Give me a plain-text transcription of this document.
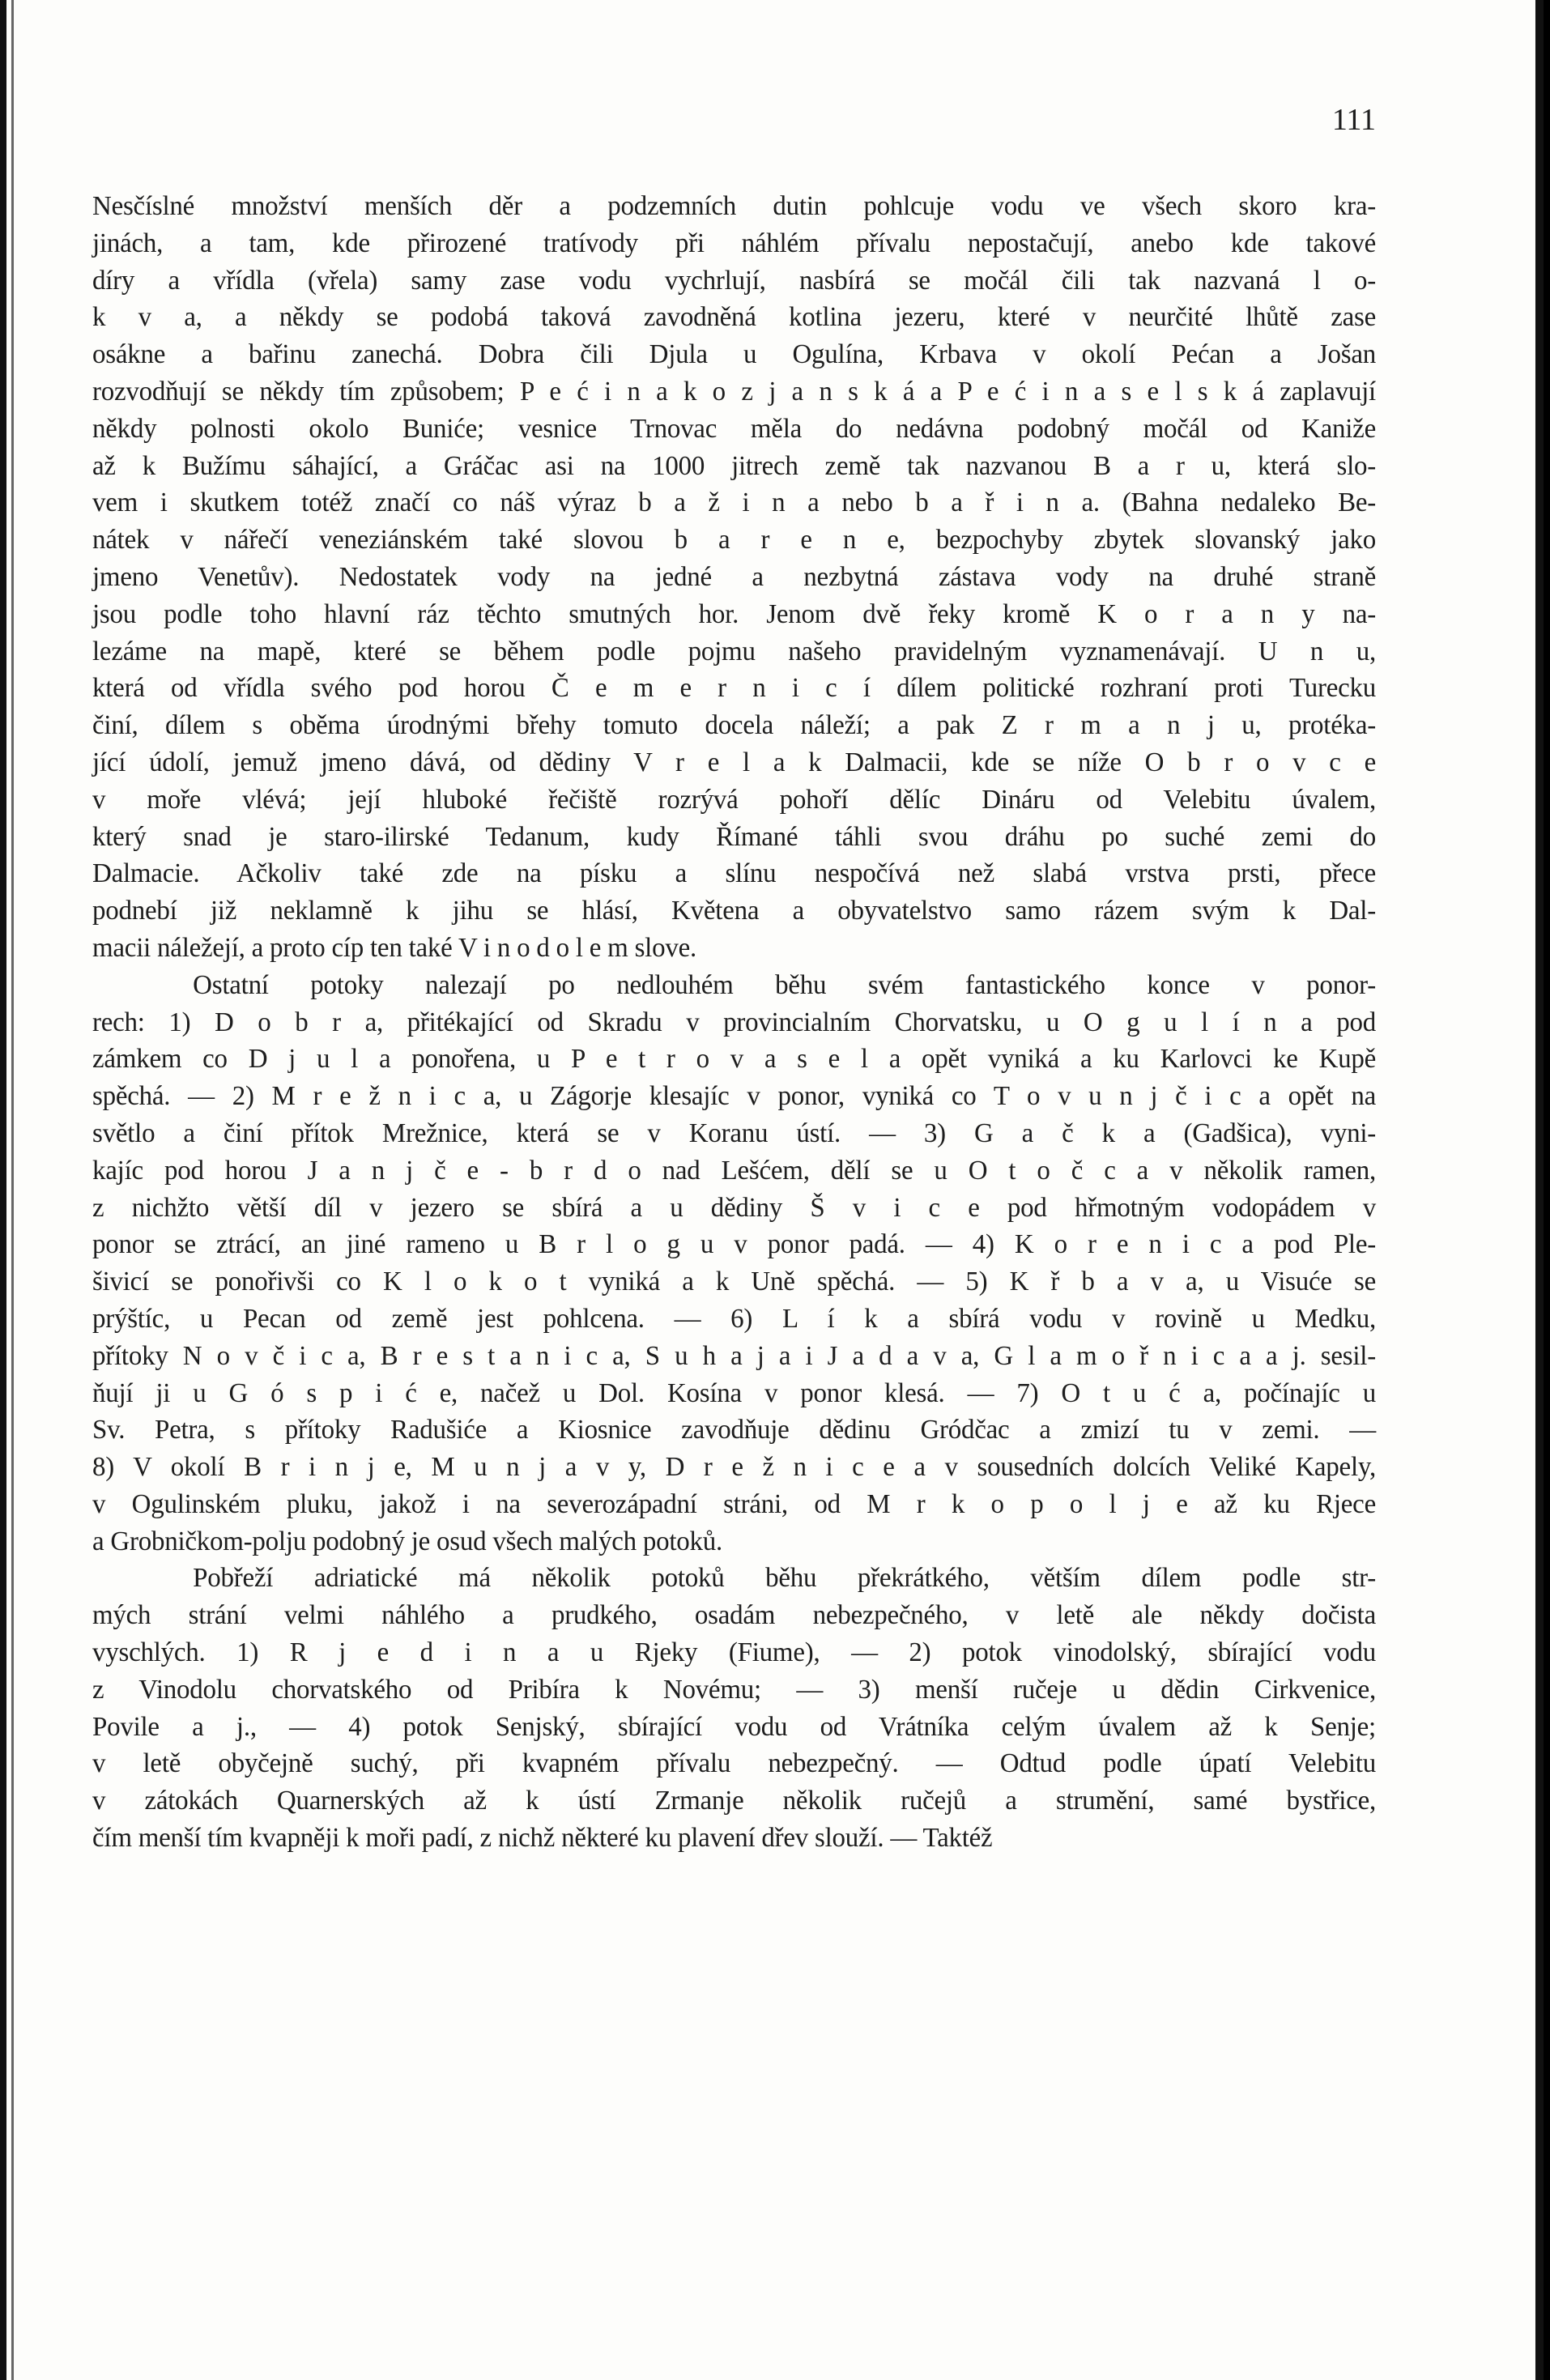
111
Nesčíslné množství menších děr a podzemních dutin pohlcuje vodu ve všech skoro kra-
jinách, a tam, kde přirozené tratívody při náhlém přívalu nepostačují, anebo kde takové
díry a vřídla (vřela) samy zase vodu vychrlují, nasbírá se močál čili tak nazvaná l o-
k v a, a někdy se podobá taková zavodněná kotlina jezeru, které v neurčité lhůtě zase
osákne a bařinu zanechá. Dobra čili Djula u Ogulína, Krbava v okolí Pećan a Jošan
rozvodňují se někdy tím způsobem; P e ć i n a k o z j a n s k á a P e ć i n a s e l s k á zaplavují
někdy polnosti okolo Buniće; vesnice Trnovac měla do nedávna podobný močál od Kaniže
až k Bužímu sáhající, a Gráčac asi na 1000 jitrech země tak nazvanou B a r u, která slo-
vem i skutkem totéž značí co náš výraz b a ž i n a nebo b a ř i n a. (Bahna nedaleko Be-
nátek v nářečí veneziánském také slovou b a r e n e, bezpochyby zbytek slovanský jako
jmeno Venetův). Nedostatek vody na jedné a nezbytná zástava vody na druhé straně
jsou podle toho hlavní ráz těchto smutných hor. Jenom dvě řeky kromě K o r a n y na-
lezáme na mapě, které se během podle pojmu našeho pravidelným vyznamenávají. U n u,
která od vřídla svého pod horou Č e m e r n i c í dílem politické rozhraní proti Turecku
činí, dílem s oběma úrodnými břehy tomuto docela náleží; a pak Z r m a n j u, protéka-
jící údolí, jemuž jmeno dává, od dědiny V r e l a k Dalmacii, kde se níže O b r o v c e
v moře vlévá; její hluboké řečiště rozrývá pohoří dělíc Dináru od Velebitu úvalem,
který snad je staro-ilirské Tedanum, kudy Římané táhli svou dráhu po suché zemi do
Dalmacie. Ačkoliv také zde na písku a slínu nespočívá než slabá vrstva prsti, přece
podnebí již neklamně k jihu se hlásí, Květena a obyvatelstvo samo rázem svým k Dal-
macii náležejí, a proto cíp ten také V i n o d o l e m slove.
Ostatní potoky nalezají po nedlouhém běhu svém fantastického konce v ponor-
rech: 1) D o b r a, přitékající od Skradu v provincialním Chorvatsku, u O g u l í n a pod
zámkem co D j u l a ponořena, u P e t r o v a s e l a opět vyniká a ku Karlovci ke Kupě
spěchá. — 2) M r e ž n i c a, u Zágorje klesajíc v ponor, vyniká co T o v u n j č i c a opět na
světlo a činí přítok Mrežnice, která se v Koranu ústí. — 3) G a č k a (Gadšica), vyni-
kajíc pod horou J a n j č e - b r d o nad Lešćem, dělí se u O t o č c a v několik ramen,
z nichžto větší díl v jezero se sbírá a u dědiny Š v i c e pod hřmotným vodopádem v
ponor se ztrácí, an jiné rameno u B r l o g u v ponor padá. — 4) K o r e n i c a pod Ple-
šivicí se ponořivši co K l o k o t vyniká a k Uně spěchá. — 5) K ř b a v a, u Visuće se
prýštíc, u Pecan od země jest pohlcena. — 6) L í k a sbírá vodu v rovině u Medku,
přítoky N o v č i c a, B r e s t a n i c a, S u h a j a i J a d a v a, G l a m o ř n i c a a j. sesil-
ňují ji u G ó s p i ć e, načež u Dol. Kosína v ponor klesá. — 7) O t u ć a, počínajíc u
Sv. Petra, s přítoky Radušiće a Kiosnice zavodňuje dědinu Gródčac a zmizí tu v zemi. —
8) V okolí B r i n j e, M u n j a v y, D r e ž n i c e a v sousedních dolcích Veliké Kapely,
v Ogulinském pluku, jakož i na severozápadní stráni, od M r k o p o l j e až ku Rjece
a Grobničkom-polju podobný je osud všech malých potoků.
Pobřeží adriatické má několik potoků běhu překrátkého, větším dílem podle str-
mých strání velmi náhlého a prudkého, osadám nebezpečného, v letě ale někdy dočista
vyschlých. 1) R j e d i n a u Rjeky (Fiume), — 2) potok vinodolský, sbírající vodu
z Vinodolu chorvatského od Pribíra k Novému; — 3) menší ručeje u dědin Cirkvenice,
Povile a j., — 4) potok Senjský, sbírající vodu od Vrátníka celým úvalem až k Senje;
v letě obyčejně suchý, při kvapném přívalu nebezpečný. — Odtud podle úpatí Velebitu
v zátokách Quarnerských až k ústí Zrmanje několik ručejů a strumění, samé bystřice,
čím menší tím kvapněji k moři padí, z nichž některé ku plavení dřev slouží. — Taktéž
